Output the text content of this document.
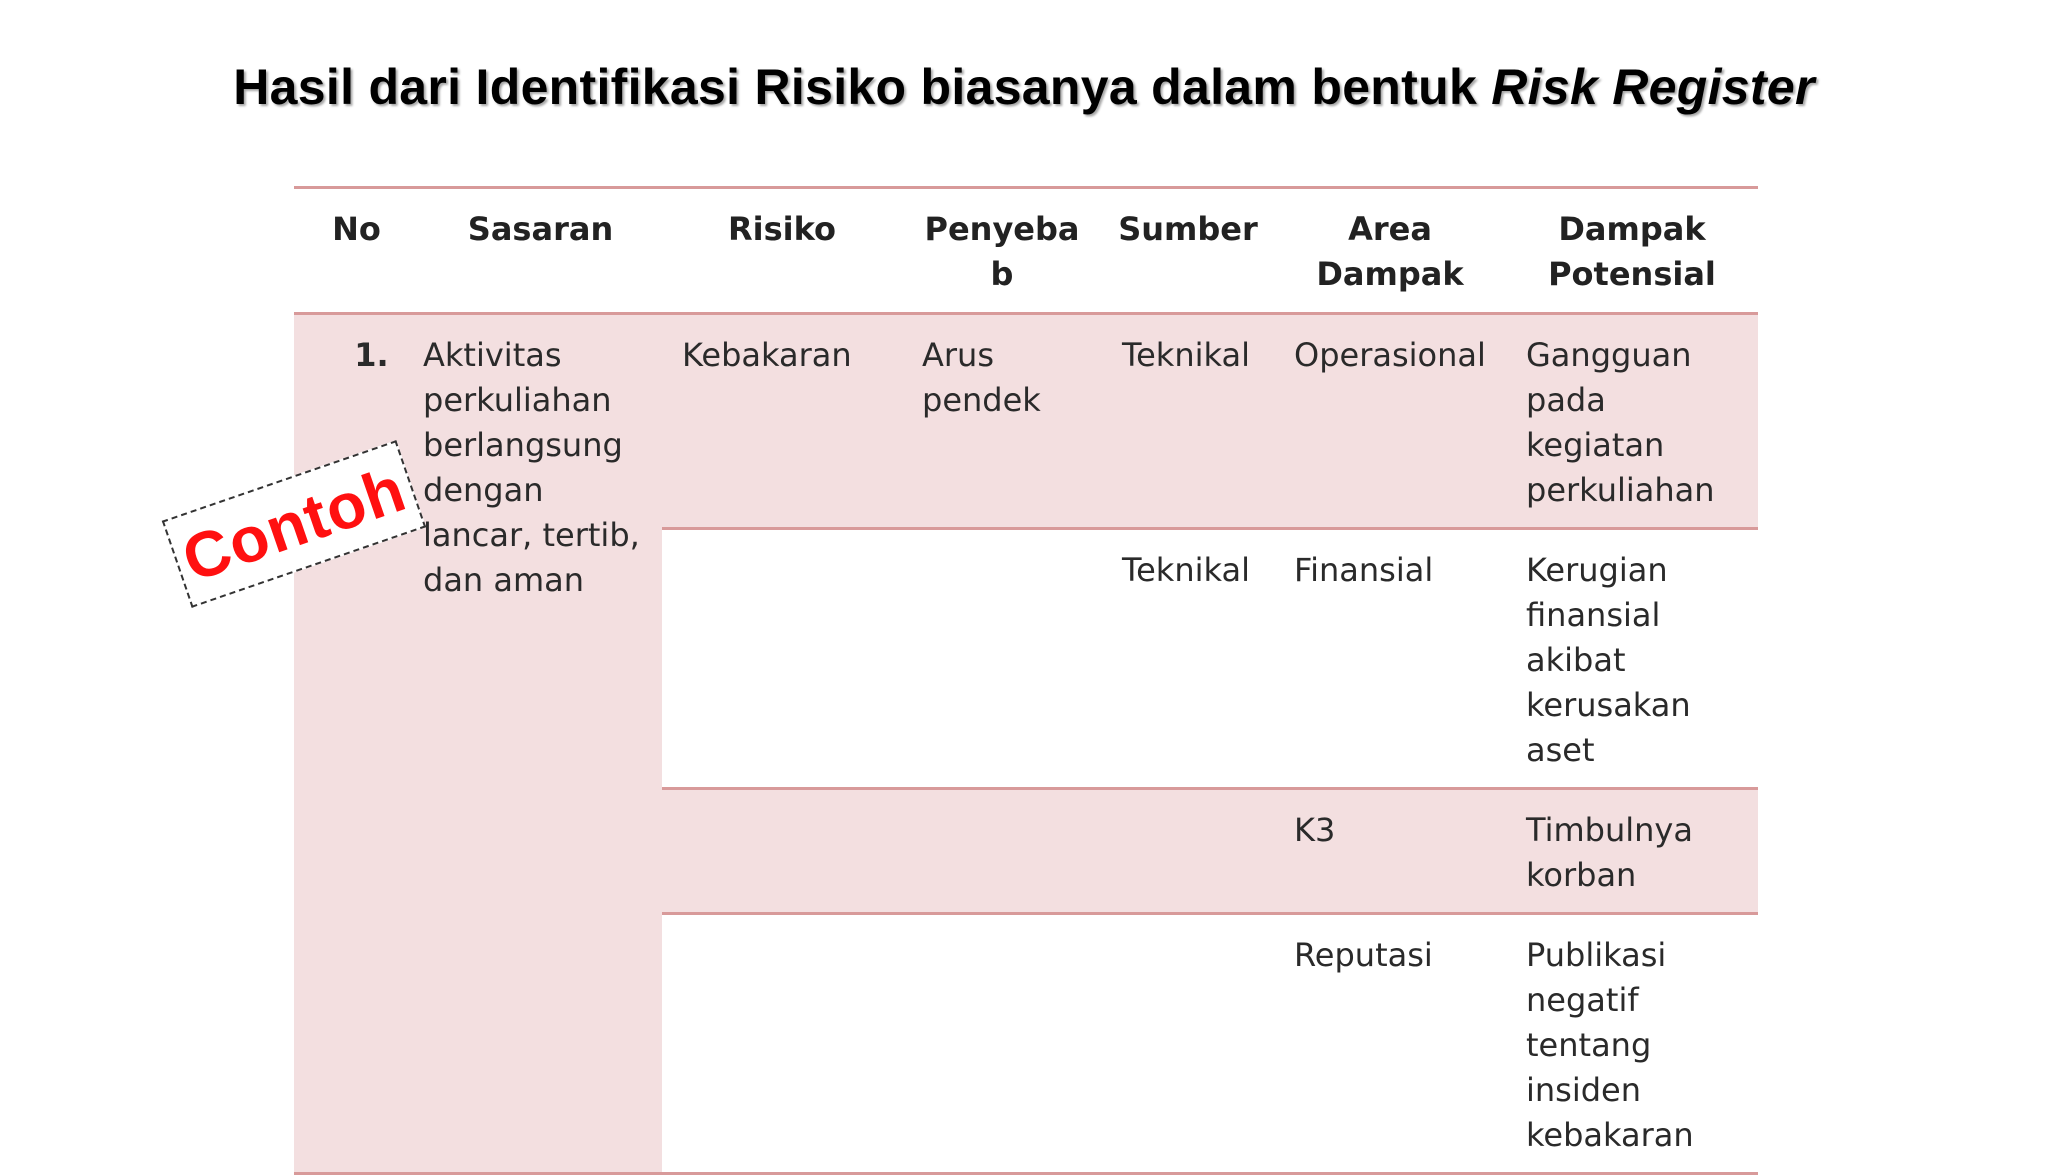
Hasil dari Identifikasi Risiko biasanya dalam bentuk Risk Register
No	Sasaran	Risiko	Penyeba b	Sumber	Area Dampak	Dampak Potensial
1.	Aktivitas perkuliahan berlangsung dengan lancar, tertib, dan aman	Kebakaran	Arus pendek	Teknikal	Operasional	Gangguan pada kegiatan perkuliahan
				Teknikal	Finansial	Kerugian finansial akibat kerusakan aset
					K3	Timbulnya korban
					Reputasi	Publikasi negatif tentang insiden kebakaran
Contoh
